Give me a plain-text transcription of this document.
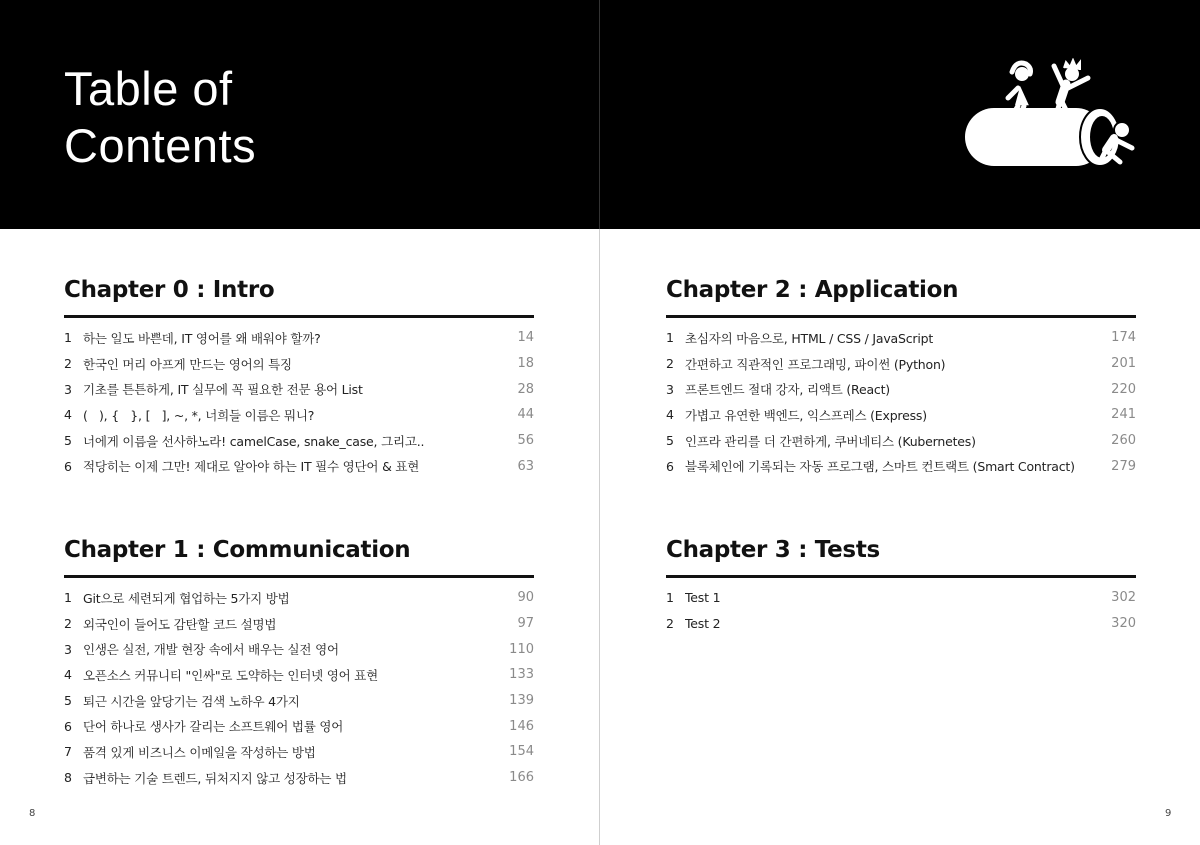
Table of
Contents
Chapter 0 : Intro
1 하는 일도 바쁜데, IT 영어를 왜 배워야 할까?	14
2 한국인 머리 아프게 만드는 영어의 특징	18
3 기초를 튼튼하게, IT 실무에 꼭 필요한 전문 용어 List	28
4 (   ), {   }, [   ], ~, *, 너희들 이름은 뭐니?	44
5 너에게 이름을 선사하노라! camelCase, snake_case, 그리고..	56
6 적당히는 이제 그만! 제대로 알아야 하는 IT 필수 영단어 & 표현	63
Chapter 1 : Communication
1 Git으로 세련되게 협업하는 5가지 방법	90
2 외국인이 들어도 감탄할 코드 설명법	97
3 인생은 실전, 개발 현장 속에서 배우는 실전 영어	110
4 오픈소스 커뮤니티 "인싸"로 도약하는 인터넷 영어 표현	133
5 퇴근 시간을 앞당기는 검색 노하우 4가지	139
6 단어 하나로 생사가 갈리는 소프트웨어 법률 영어	146
7 품격 있게 비즈니스 이메일을 작성하는 방법	154
8 급변하는 기술 트렌드, 뒤처지지 않고 성장하는 법	166
Chapter 2 : Application
1 초심자의 마음으로, HTML / CSS / JavaScript	174
2 간편하고 직관적인 프로그래밍, 파이썬 (Python)	201
3 프론트엔드 절대 강자, 리액트 (React)	220
4 가볍고 유연한 백엔드, 익스프레스 (Express)	241
5 인프라 관리를 더 간편하게, 쿠버네티스 (Kubernetes)	260
6 블록체인에 기록되는 자동 프로그램, 스마트 컨트랙트 (Smart Contract)	279
Chapter 3 : Tests
1 Test 1	302
2 Test 2	320
8	9
